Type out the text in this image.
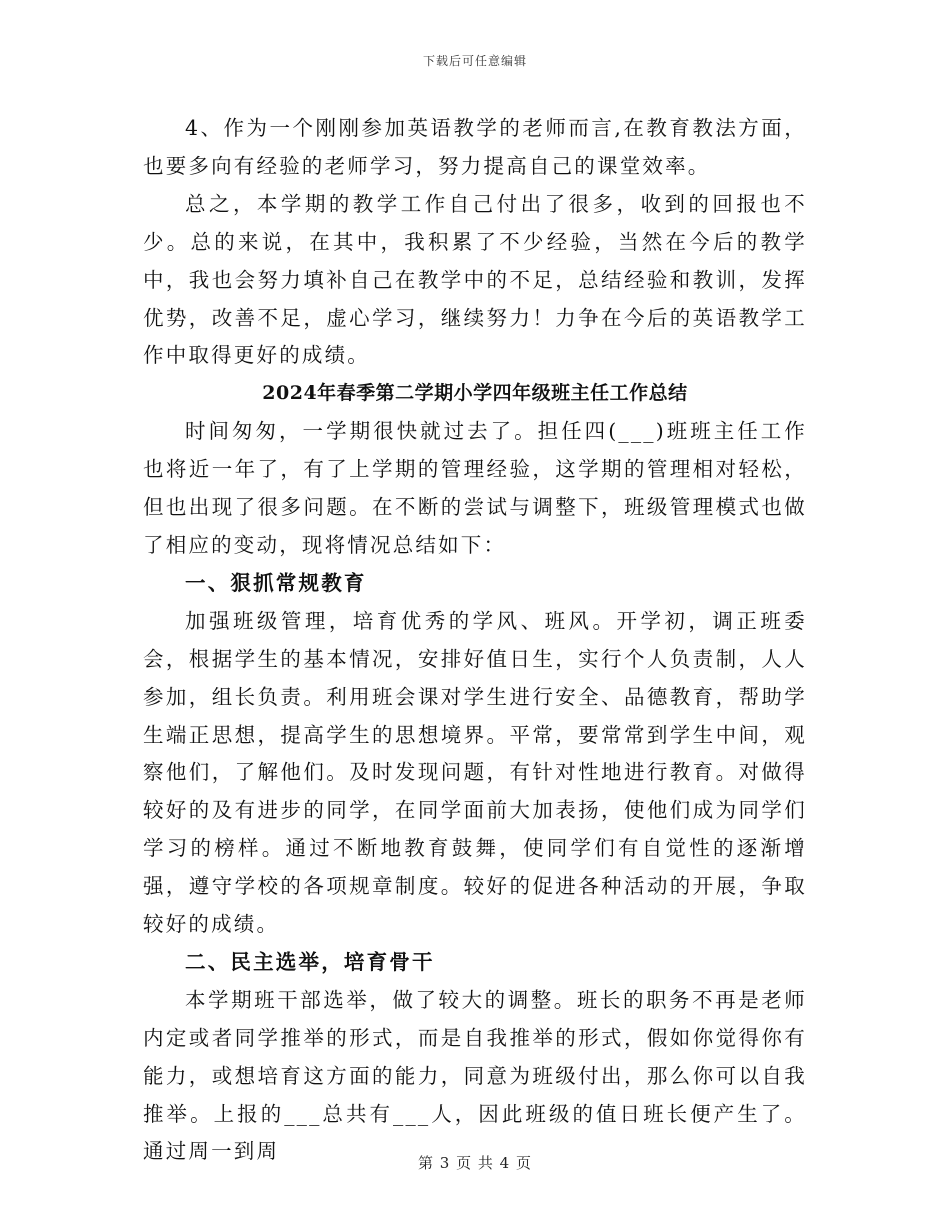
下载后可任意编辑

4、作为一个刚刚参加英语教学的老师而言,在教育教法方面，也要多向有经验的老师学习，努力提高自己的课堂效率。

总之，本学期的教学工作自己付出了很多，收到的回报也不少。总的来说，在其中，我积累了不少经验，当然在今后的教学中，我也会努力填补自己在教学中的不足，总结经验和教训，发挥优势，改善不足，虚心学习，继续努力！力争在今后的英语教学工作中取得更好的成绩。

2024年春季第二学期小学四年级班主任工作总结

时间匆匆，一学期很快就过去了。担任四(___)班班主任工作也将近一年了，有了上学期的管理经验，这学期的管理相对轻松，但也出现了很多问题。在不断的尝试与调整下，班级管理模式也做了相应的变动，现将情况总结如下：

一、狠抓常规教育

加强班级管理，培育优秀的学风、班风。开学初，调正班委会，根据学生的基本情况，安排好值日生，实行个人负责制，人人参加，组长负责。利用班会课对学生进行安全、品德教育，帮助学生端正思想，提高学生的思想境界。平常，要常常到学生中间，观察他们，了解他们。及时发现问题，有针对性地进行教育。对做得较好的及有进步的同学，在同学面前大加表扬，使他们成为同学们学习的榜样。通过不断地教育鼓舞，使同学们有自觉性的逐渐增强，遵守学校的各项规章制度。较好的促进各种活动的开展，争取较好的成绩。

二、民主选举，培育骨干

本学期班干部选举，做了较大的调整。班长的职务不再是老师内定或者同学推举的形式，而是自我推举的形式，假如你觉得你有能力，或想培育这方面的能力，同意为班级付出，那么你可以自我推举。上报的___总共有___人，因此班级的值日班长便产生了。通过周一到周	第 3 页 共 4 页
